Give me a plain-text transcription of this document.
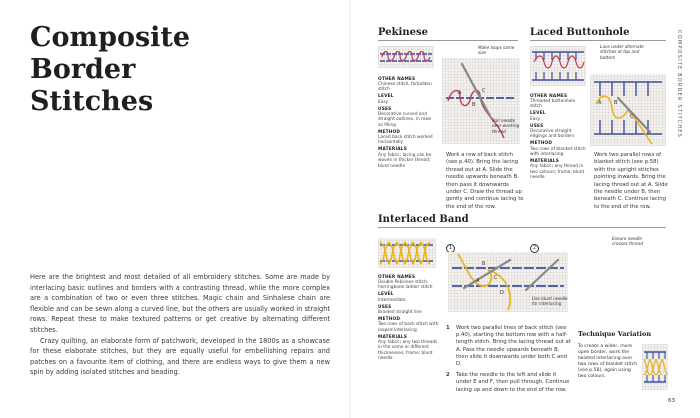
Composite
Border
Stitches

Here are the brightest and most detailed of all embroidery stitches. Some are made by interlacing basic outlines and borders with a contrasting thread, while the more complex are a combination of two or even three stitches. Magic chain and Sinhalese chain are flexible and can be sewn along a curved line, but the others are usually worked in straight rows. Repeat these to make textured patterns or get creative by alternating different stitches.

Crazy quilting, an elaborate form of patchwork, developed in the 1800s as a showcase for these elaborate stitches, but they are equally useful for embellishing repairs and patches on a favourite item of clothing, and there are endless ways to give them a new spin by adding isolated stitches and beading.

Pekinese
OTHER NAMES
Chinese stitch, forbidden stitch
LEVEL
Easy
USES
Decorative curved and straight outlines, in rows as filling
METHOD
Laced back stitch worked horizontally
MATERIALS
Any fabric; lacing can be woven in thicker thread; blunt needle
A
B
C
Make loops same size
Pull needle over working thread
Work a row of back stitch (see p.40). Bring the lacing thread out at A. Slide the needle upwards beneath B, then pass it downwards under C. Draw the thread up gently and continue lacing to the end of the row.
Laced Buttonhole
Lace under alternate stitches at top and bottom
A	B
C
OTHER NAMES
Threaded buttonhole stitch
LEVEL
Easy
USES
Decorative straight edgings and borders
METHOD
Two rows of blanket stitch with interlacing
MATERIALS
Any fabric; any thread in two colours; frame; blunt needle
Work two parallel rows of blanket stitch (see p.58) with the upright stitches pointing inwards. Bring the lacing thread out at A. Slide the needle under B, then beneath C. Continue lacing to the end of the row.
Interlaced Band
OTHER NAMES
Double Pekinese stitch, herringbone ladder stitch
LEVEL
Intermediate
USES
Braided straight line
METHOD
Two rows of back stitch with looped interlacing
MATERIALS
Any fabric; any two threads in the same or different thicknesses; frame; blunt needle
1
A
B
C
D
2
Ensure needle crosses thread
Use blunt needle for interlacing
1 Work two parallel lines of back stitch (see p.40), starting the bottom row with a half-length stitch. Bring the lacing thread out at A. Pass the needle upwards beneath B, then slide it downwards under both C and D.
2 Take the needle to the left and slide it under E and F, then pull through. Continue lacing up and down to the end of the row.
Technique Variation
To create a wider, more open border, work the twisted interlacing over two rows of blanket stitch (see p.58), again using two colours.
COMPOSITE BORDER STITCHES
63
